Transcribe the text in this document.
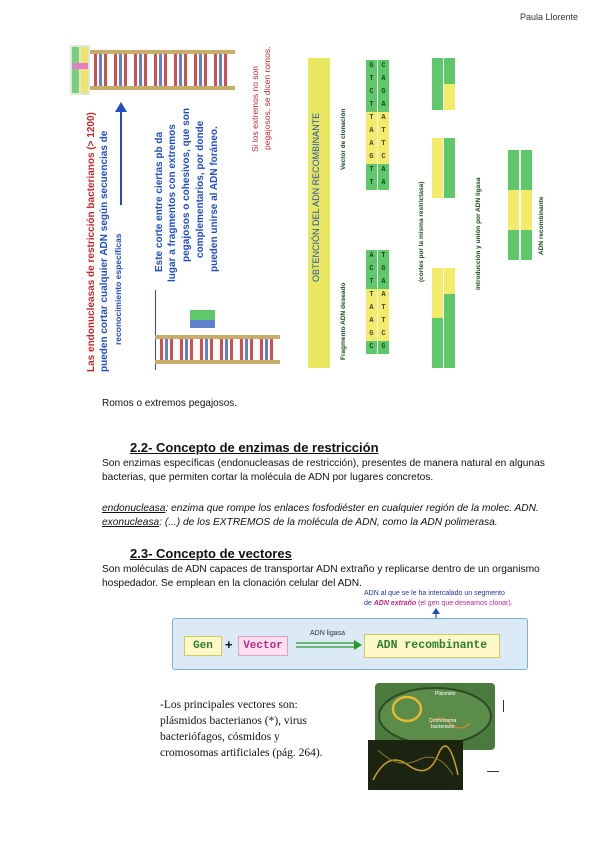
Paula Llorente
Las endonucleasas de restricción bacterianos (> 1200) pueden cortar cualquier ADN según secuencias de reconocimiento específicas
Este corte entre ciertas pb da lugar a fragmentos con extremos pegajosos o cohesivos, que son complementarios, por donde pueden unirse al ADN foráneo.
Si los extremos no son pegajosos, se dicen romos.
OBTENCIÓN DEL ADN RECOMBINANTE
Fragmento ADN deseado
Vector de clonación
(cortes por la misma restrictasa)	introducción y unión por ADN ligasa	ADN recombinante
A
C
T
T
A
A
G
C
T
G
A
A
T
T
C
G
G
T
C
T
T
A
A
G
T
T
C
A
G
A
A
T
T
C
A
A
Romos o extremos pegajosos.
2.2- Concepto de enzimas de restricción
Son enzimas específicas (endonucleasas de restricción), presentes de manera natural en algunas
bacterias, que permiten cortar la molécula de ADN por lugares concretos.
endonucleasa: enzima que rompe los enlaces fosfodiéster en cualquier región de la molec. ADN.
exonucleasa: (...) de los EXTREMOS de la molécula de ADN, como la ADN polimerasa.
2.3- Concepto de vectores
Son moléculas de ADN capaces de transportar ADN extraño y replicarse dentro de un organismo
hospedador. Se emplean en la clonación celular del ADN.
ADN al que se le ha intercalado un segmento
de ADN extraño (el gen que deseamos clonar).
Gen + Vector
ADN ligasa
ADN recombinante
-Los principales vectores son:
plásmidos bacterianos (*), virus
bacteriófagos, cósmidos y
cromosomas artificiales (pág. 264).
Plásmido
Cromosoma
bacteriano
